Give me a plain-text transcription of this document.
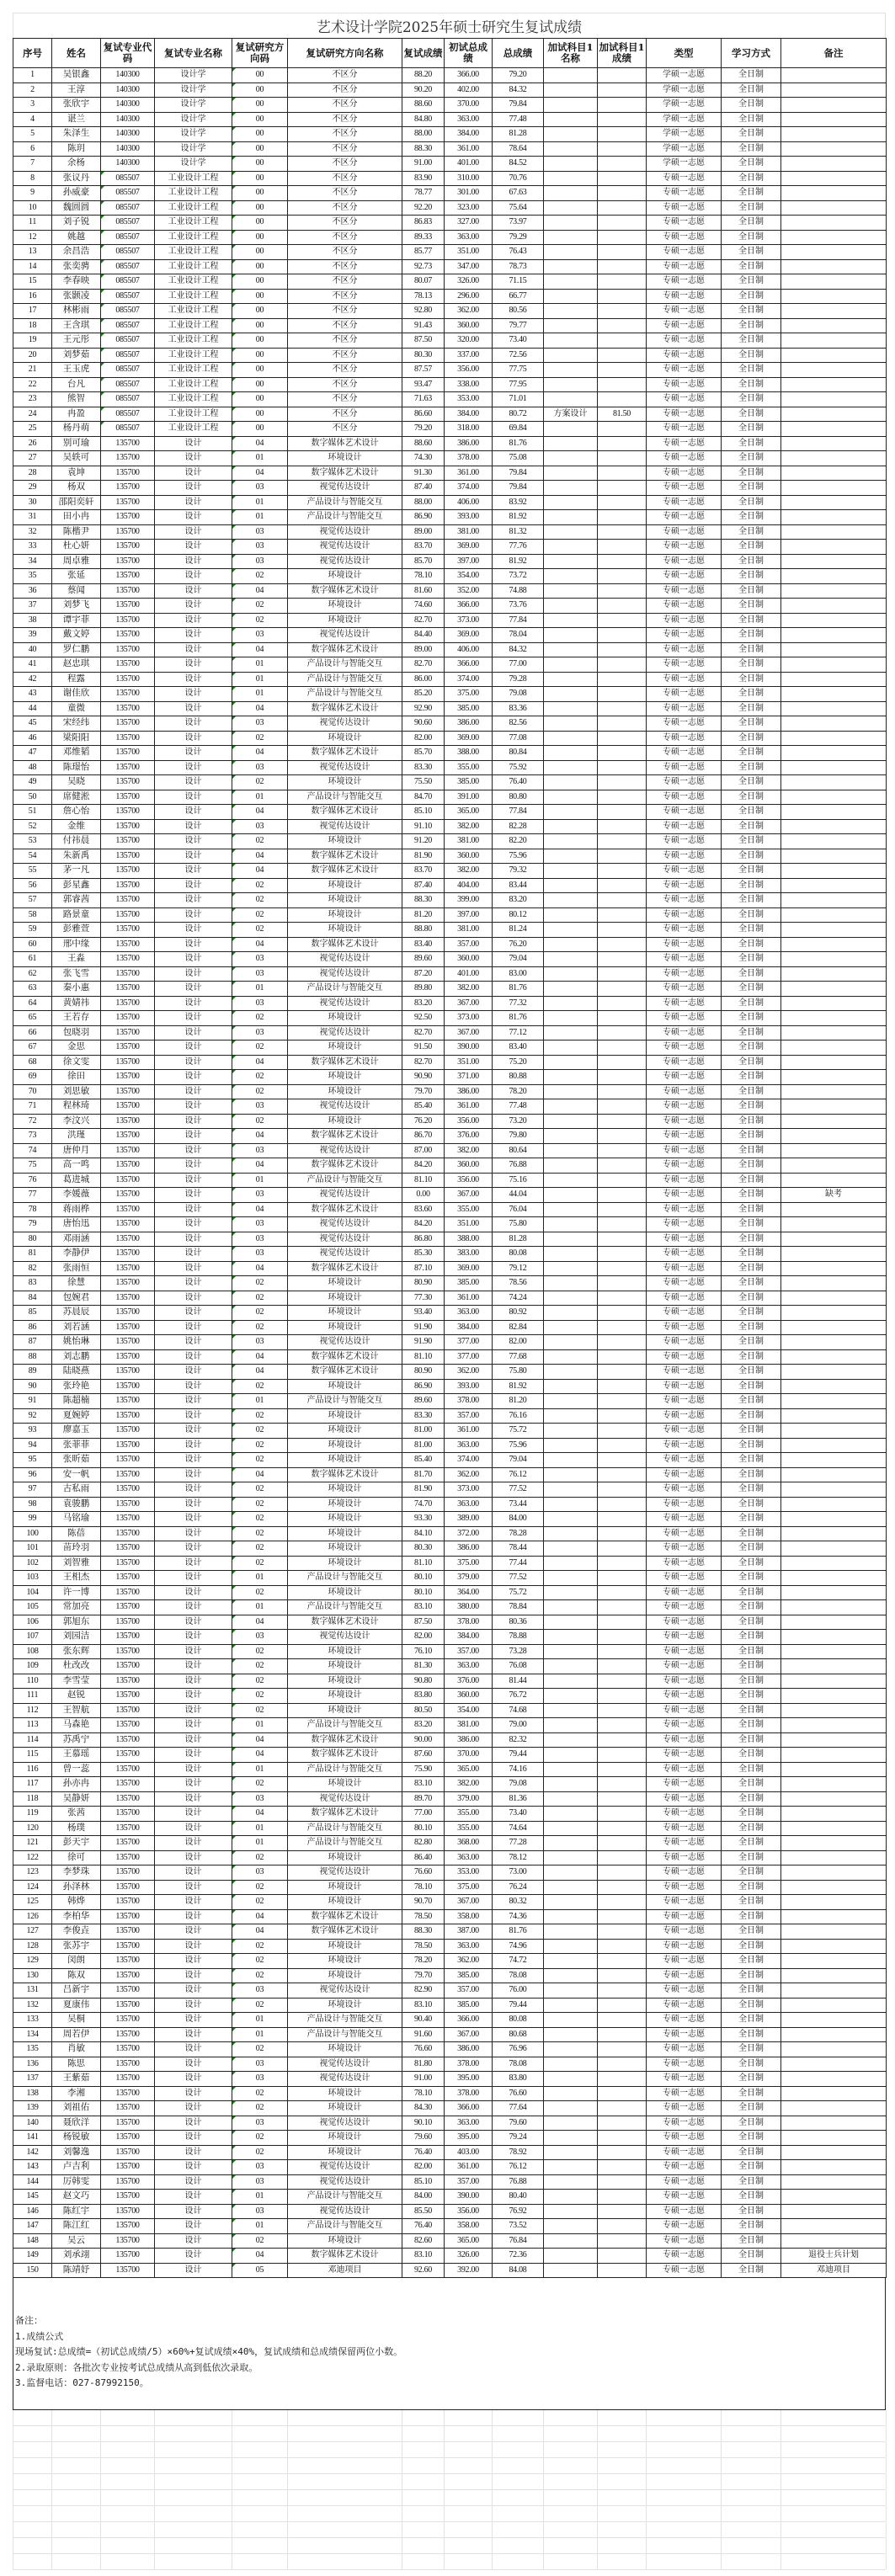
艺术设计学院2025年硕士研究生复试成绩
序号	姓名	复试专业代码	复试专业名称	复试研究方向码	复试研究方向名称	复试成绩	初试总成绩	总成绩	加试科目1名称	加试科目1成绩	类型	学习方式	备注
1	吴银鑫	140300	设计学	00	不区分	88.20	366.00	79.20			学硕一志愿	全日制	
2	王淳	140300	设计学	00	不区分	90.20	402.00	84.32			学硕一志愿	全日制	
3	张欣宇	140300	设计学	00	不区分	88.60	370.00	79.84			学硕一志愿	全日制	
4	谌兰	140300	设计学	00	不区分	84.80	363.00	77.48			学硕一志愿	全日制	
5	朱泽生	140300	设计学	00	不区分	88.00	384.00	81.28			学硕一志愿	全日制	
6	陈玥	140300	设计学	00	不区分	88.30	361.00	78.64			学硕一志愿	全日制	
7	余杨	140300	设计学	00	不区分	91.00	401.00	84.52			学硕一志愿	全日制	
8	张议丹	085507	工业设计工程	00	不区分	83.90	310.00	70.76			专硕一志愿	全日制	
9	孙威豪	085507	工业设计工程	00	不区分	78.77	301.00	67.63			专硕一志愿	全日制	
10	魏圆圆	085507	工业设计工程	00	不区分	92.20	323.00	75.64			专硕一志愿	全日制	
11	刘子锐	085507	工业设计工程	00	不区分	86.83	327.00	73.97			专硕一志愿	全日制	
12	姚越	085507	工业设计工程	00	不区分	89.33	363.00	79.29			专硕一志愿	全日制	
13	余昌浩	085507	工业设计工程	00	不区分	85.77	351.00	76.43			专硕一志愿	全日制	
14	张奕骋	085507	工业设计工程	00	不区分	92.73	347.00	78.73			专硕一志愿	全日制	
15	李春映	085507	工业设计工程	00	不区分	80.07	326.00	71.15			专硕一志愿	全日制	
16	张颢凌	085507	工业设计工程	00	不区分	78.13	296.00	66.77			专硕一志愿	全日制	
17	林彬雨	085507	工业设计工程	00	不区分	92.80	362.00	80.56			专硕一志愿	全日制	
18	王含琪	085507	工业设计工程	00	不区分	91.43	360.00	79.77			专硕一志愿	全日制	
19	王元彤	085507	工业设计工程	00	不区分	87.50	320.00	73.40			专硕一志愿	全日制	
20	刘梦茹	085507	工业设计工程	00	不区分	80.30	337.00	72.56			专硕一志愿	全日制	
21	王玉虎	085507	工业设计工程	00	不区分	87.57	356.00	77.75			专硕一志愿	全日制	
22	台凡	085507	工业设计工程	00	不区分	93.47	338.00	77.95			专硕一志愿	全日制	
23	熊智	085507	工业设计工程	00	不区分	71.63	353.00	71.01			专硕一志愿	全日制	
24	冉盈	085507	工业设计工程	00	不区分	86.60	384.00	80.72	方案设计	81.50	专硕一志愿	全日制	
25	杨丹萌	085507	工业设计工程	00	不区分	79.20	318.00	69.84			专硕一志愿	全日制	
26	别可瑜	135700	设计	04	数字媒体艺术设计	88.60	386.00	81.76			专硕一志愿	全日制	
27	吴轶可	135700	设计	01	环境设计	74.30	378.00	75.08			专硕一志愿	全日制	
28	袁坤	135700	设计	04	数字媒体艺术设计	91.30	361.00	79.84			专硕一志愿	全日制	
29	杨双	135700	设计	03	视觉传达设计	87.40	374.00	79.84			专硕一志愿	全日制	
30	邵阳奕轩	135700	设计	01	产品设计与智能交互	88.00	406.00	83.92			专硕一志愿	全日制	
31	田小冉	135700	设计	01	产品设计与智能交互	86.90	393.00	81.92			专硕一志愿	全日制	
32	陈楷尹	135700	设计	03	视觉传达设计	89.00	381.00	81.32			专硕一志愿	全日制	
33	杜心妍	135700	设计	03	视觉传达设计	83.70	369.00	77.76			专硕一志愿	全日制	
34	周卓雅	135700	设计	03	视觉传达设计	85.70	397.00	81.92			专硕一志愿	全日制	
35	张延	135700	设计	02	环境设计	78.10	354.00	73.72			专硕一志愿	全日制	
36	蔡闻	135700	设计	04	数字媒体艺术设计	81.60	352.00	74.88			专硕一志愿	全日制	
37	刘梦飞	135700	设计	02	环境设计	74.60	366.00	73.76			专硕一志愿	全日制	
38	谭宇菲	135700	设计	02	环境设计	82.70	373.00	77.84			专硕一志愿	全日制	
39	戴文婷	135700	设计	03	视觉传达设计	84.40	369.00	78.04			专硕一志愿	全日制	
40	罗仁鹏	135700	设计	04	数字媒体艺术设计	89.00	406.00	84.32			专硕一志愿	全日制	
41	赵忠琪	135700	设计	01	产品设计与智能交互	82.70	366.00	77.00			专硕一志愿	全日制	
42	程露	135700	设计	01	产品设计与智能交互	86.00	374.00	79.28			专硕一志愿	全日制	
43	谢佳欣	135700	设计	01	产品设计与智能交互	85.20	375.00	79.08			专硕一志愿	全日制	
44	童微	135700	设计	04	数字媒体艺术设计	92.90	385.00	83.36			专硕一志愿	全日制	
45	宋经纬	135700	设计	03	视觉传达设计	90.60	386.00	82.56			专硕一志愿	全日制	
46	梁阳阳	135700	设计	02	环境设计	82.00	369.00	77.08			专硕一志愿	全日制	
47	邓维韬	135700	设计	04	数字媒体艺术设计	85.70	388.00	80.84			专硕一志愿	全日制	
48	陈璟怡	135700	设计	03	视觉传达设计	83.30	355.00	75.92			专硕一志愿	全日制	
49	吴晓	135700	设计	02	环境设计	75.50	385.00	76.40			专硕一志愿	全日制	
50	席健淞	135700	设计	01	产品设计与智能交互	84.70	391.00	80.80			专硕一志愿	全日制	
51	詹心怡	135700	设计	04	数字媒体艺术设计	85.10	365.00	77.84			专硕一志愿	全日制	
52	金维	135700	设计	03	视觉传达设计	91.10	382.00	82.28			专硕一志愿	全日制	
53	付祎晨	135700	设计	02	环境设计	91.20	381.00	82.20			专硕一志愿	全日制	
54	朱新禹	135700	设计	04	数字媒体艺术设计	81.90	360.00	75.96			专硕一志愿	全日制	
55	茅一凡	135700	设计	04	数字媒体艺术设计	83.70	382.00	79.32			专硕一志愿	全日制	
56	彭星鑫	135700	设计	02	环境设计	87.40	404.00	83.44			专硕一志愿	全日制	
57	郭睿茜	135700	设计	02	环境设计	88.30	399.00	83.20			专硕一志愿	全日制	
58	路景童	135700	设计	02	环境设计	81.20	397.00	80.12			专硕一志愿	全日制	
59	彭雅萱	135700	设计	02	环境设计	88.80	381.00	81.24			专硕一志愿	全日制	
60	邢中缘	135700	设计	04	数字媒体艺术设计	83.40	357.00	76.20			专硕一志愿	全日制	
61	王淼	135700	设计	03	视觉传达设计	89.60	360.00	79.04			专硕一志愿	全日制	
62	张飞雪	135700	设计	03	视觉传达设计	87.20	401.00	83.00			专硕一志愿	全日制	
63	秦小惠	135700	设计	01	产品设计与智能交互	89.80	382.00	81.76			专硕一志愿	全日制	
64	黄婧祎	135700	设计	03	视觉传达设计	83.20	367.00	77.32			专硕一志愿	全日制	
65	王若存	135700	设计	02	环境设计	92.50	373.00	81.76			专硕一志愿	全日制	
66	包晓羽	135700	设计	03	视觉传达设计	82.70	367.00	77.12			专硕一志愿	全日制	
67	金思	135700	设计	02	环境设计	91.50	390.00	83.40			专硕一志愿	全日制	
68	徐文雯	135700	设计	04	数字媒体艺术设计	82.70	351.00	75.20			专硕一志愿	全日制	
69	徐田	135700	设计	02	环境设计	90.90	371.00	80.88			专硕一志愿	全日制	
70	刘思敏	135700	设计	02	环境设计	79.70	386.00	78.20			专硕一志愿	全日制	
71	程林琦	135700	设计	03	视觉传达设计	85.40	361.00	77.48			专硕一志愿	全日制	
72	李汶兴	135700	设计	02	环境设计	76.20	356.00	73.20			专硕一志愿	全日制	
73	洪瑾	135700	设计	04	数字媒体艺术设计	86.70	376.00	79.80			专硕一志愿	全日制	
74	唐仲月	135700	设计	03	视觉传达设计	87.00	382.00	80.64			专硕一志愿	全日制	
75	高一鸣	135700	设计	04	数字媒体艺术设计	84.20	360.00	76.88			专硕一志愿	全日制	
76	葛进城	135700	设计	01	产品设计与智能交互	81.10	356.00	75.16			专硕一志愿	全日制	
77	李媛薇	135700	设计	03	视觉传达设计	0.00	367.00	44.04			专硕一志愿	全日制	缺考
78	蒋雨桦	135700	设计	04	数字媒体艺术设计	83.60	355.00	76.04			专硕一志愿	全日制	
79	唐怡迅	135700	设计	03	视觉传达设计	84.20	351.00	75.80			专硕一志愿	全日制	
80	邓雨涵	135700	设计	03	视觉传达设计	86.80	388.00	81.28			专硕一志愿	全日制	
81	李静伊	135700	设计	03	视觉传达设计	85.30	383.00	80.08			专硕一志愿	全日制	
82	张雨恒	135700	设计	04	数字媒体艺术设计	87.10	369.00	79.12			专硕一志愿	全日制	
83	徐慧	135700	设计	02	环境设计	80.90	385.00	78.56			专硕一志愿	全日制	
84	包婉君	135700	设计	02	环境设计	77.30	361.00	74.24			专硕一志愿	全日制	
85	苏晨辰	135700	设计	02	环境设计	93.40	363.00	80.92			专硕一志愿	全日制	
86	刘若涵	135700	设计	02	环境设计	91.90	384.00	82.84			专硕一志愿	全日制	
87	姚怡琳	135700	设计	03	视觉传达设计	91.90	377.00	82.00			专硕一志愿	全日制	
88	刘志鹏	135700	设计	04	数字媒体艺术设计	81.10	377.00	77.68			专硕一志愿	全日制	
89	陆晓燕	135700	设计	04	数字媒体艺术设计	80.90	362.00	75.80			专硕一志愿	全日制	
90	张玲艳	135700	设计	02	环境设计	86.90	393.00	81.92			专硕一志愿	全日制	
91	陈超楠	135700	设计	01	产品设计与智能交互	89.60	378.00	81.20			专硕一志愿	全日制	
92	夏婉婷	135700	设计	02	环境设计	83.30	357.00	76.16			专硕一志愿	全日制	
93	廖嘉玉	135700	设计	02	环境设计	81.00	361.00	75.72			专硕一志愿	全日制	
94	张菲菲	135700	设计	02	环境设计	81.00	363.00	75.96			专硕一志愿	全日制	
95	张昕茹	135700	设计	02	环境设计	85.40	374.00	79.04			专硕一志愿	全日制	
96	安一帆	135700	设计	04	数字媒体艺术设计	81.70	362.00	76.12			专硕一志愿	全日制	
97	古私雨	135700	设计	02	环境设计	81.90	373.00	77.52			专硕一志愿	全日制	
98	袁骏鹏	135700	设计	02	环境设计	74.70	363.00	73.44			专硕一志愿	全日制	
99	马铭瑜	135700	设计	02	环境设计	93.30	389.00	84.00			专硕一志愿	全日制	
100	陈蓓	135700	设计	02	环境设计	84.10	372.00	78.28			专硕一志愿	全日制	
101	苗玲羽	135700	设计	02	环境设计	80.30	386.00	78.44			专硕一志愿	全日制	
102	刘智雅	135700	设计	02	环境设计	81.10	375.00	77.44			专硕一志愿	全日制	
103	王相杰	135700	设计	01	产品设计与智能交互	80.10	379.00	77.52			专硕一志愿	全日制	
104	许一博	135700	设计	02	环境设计	80.10	364.00	75.72			专硕一志愿	全日制	
105	常加亮	135700	设计	01	产品设计与智能交互	83.10	380.00	78.84			专硕一志愿	全日制	
106	郭旭东	135700	设计	04	数字媒体艺术设计	87.50	378.00	80.36			专硕一志愿	全日制	
107	刘园洁	135700	设计	03	视觉传达设计	82.00	384.00	78.88			专硕一志愿	全日制	
108	张东辉	135700	设计	02	环境设计	76.10	357.00	73.28			专硕一志愿	全日制	
109	杜改改	135700	设计	02	环境设计	81.30	363.00	76.08			专硕一志愿	全日制	
110	李雪莹	135700	设计	02	环境设计	90.80	376.00	81.44			专硕一志愿	全日制	
111	赵锐	135700	设计	02	环境设计	83.80	360.00	76.72			专硕一志愿	全日制	
112	王智航	135700	设计	02	环境设计	80.50	354.00	74.68			专硕一志愿	全日制	
113	马森艳	135700	设计	01	产品设计与智能交互	83.20	381.00	79.00			专硕一志愿	全日制	
114	苏禹宁	135700	设计	04	数字媒体艺术设计	90.00	386.00	82.32			专硕一志愿	全日制	
115	王慕瑶	135700	设计	04	数字媒体艺术设计	87.60	370.00	79.44			专硕一志愿	全日制	
116	曾一蕊	135700	设计	01	产品设计与智能交互	75.90	365.00	74.16			专硕一志愿	全日制	
117	孙亦冉	135700	设计	02	环境设计	83.10	382.00	79.08			专硕一志愿	全日制	
118	吴静妍	135700	设计	03	视觉传达设计	89.70	379.00	81.36			专硕一志愿	全日制	
119	张茜	135700	设计	04	数字媒体艺术设计	77.00	355.00	73.40			专硕一志愿	全日制	
120	杨璞	135700	设计	01	产品设计与智能交互	80.10	355.00	74.64			专硕一志愿	全日制	
121	彭天宇	135700	设计	01	产品设计与智能交互	82.80	368.00	77.28			专硕一志愿	全日制	
122	徐可	135700	设计	02	环境设计	86.40	363.00	78.12			专硕一志愿	全日制	
123	李梦珠	135700	设计	03	视觉传达设计	76.60	353.00	73.00			专硕一志愿	全日制	
124	孙泽林	135700	设计	02	环境设计	78.10	375.00	76.24			专硕一志愿	全日制	
125	韩烨	135700	设计	02	环境设计	90.70	367.00	80.32			专硕一志愿	全日制	
126	李柏华	135700	设计	04	数字媒体艺术设计	78.50	358.00	74.36			专硕一志愿	全日制	
127	李俊垚	135700	设计	04	数字媒体艺术设计	88.30	387.00	81.76			专硕一志愿	全日制	
128	张苏宇	135700	设计	02	环境设计	78.50	363.00	74.96			专硕一志愿	全日制	
129	闵朗	135700	设计	02	环境设计	78.20	362.00	74.72			专硕一志愿	全日制	
130	陈双	135700	设计	02	环境设计	79.70	385.00	78.08			专硕一志愿	全日制	
131	吕新宇	135700	设计	03	视觉传达设计	82.90	357.00	76.00			专硕一志愿	全日制	
132	夏康伟	135700	设计	02	环境设计	83.10	385.00	79.44			专硕一志愿	全日制	
133	吴桐	135700	设计	01	产品设计与智能交互	90.40	366.00	80.08			专硕一志愿	全日制	
134	周若伊	135700	设计	01	产品设计与智能交互	91.60	367.00	80.68			专硕一志愿	全日制	
135	肖敏	135700	设计	02	环境设计	76.60	386.00	76.96			专硕一志愿	全日制	
136	陈思	135700	设计	03	视觉传达设计	81.80	378.00	78.08			专硕一志愿	全日制	
137	王紫茹	135700	设计	03	视觉传达设计	91.00	395.00	83.80			专硕一志愿	全日制	
138	李湘	135700	设计	02	环境设计	78.10	378.00	76.60			专硕一志愿	全日制	
139	刘祖佑	135700	设计	02	环境设计	84.30	366.00	77.64			专硕一志愿	全日制	
140	聂欣洋	135700	设计	03	视觉传达设计	90.10	363.00	79.60			专硕一志愿	全日制	
141	杨锐敏	135700	设计	02	环境设计	79.60	395.00	79.24			专硕一志愿	全日制	
142	刘馨逸	135700	设计	02	环境设计	76.40	403.00	78.92			专硕一志愿	全日制	
143	卢吉利	135700	设计	03	视觉传达设计	82.00	361.00	76.12			专硕一志愿	全日制	
144	厉韩雯	135700	设计	03	视觉传达设计	85.10	357.00	76.88			专硕一志愿	全日制	
145	赵文巧	135700	设计	01	产品设计与智能交互	84.00	390.00	80.40			专硕一志愿	全日制	
146	陈红宇	135700	设计	03	视觉传达设计	85.50	356.00	76.92			专硕一志愿	全日制	
147	陈江红	135700	设计	01	产品设计与智能交互	76.40	358.00	73.52			专硕一志愿	全日制	
148	吴云	135700	设计	02	环境设计	82.60	365.00	76.84			专硕一志愿	全日制	
149	刘承翊	135700	设计	04	数字媒体艺术设计	83.10	326.00	72.36			专硕一志愿	全日制	退役士兵计划
150	陈靖妤	135700	设计	05	邓迪项目	92.60	392.00	84.08			专硕一志愿	全日制	邓迪项目
备注：
1.成绩公式
现场复试:总成绩=（初试总成绩/5）×60%+复试成绩×40%，复试成绩和总成绩保留两位小数。
2.录取原则：各批次专业按考试总成绩从高到低依次录取。
3.监督电话：027-87992150。
